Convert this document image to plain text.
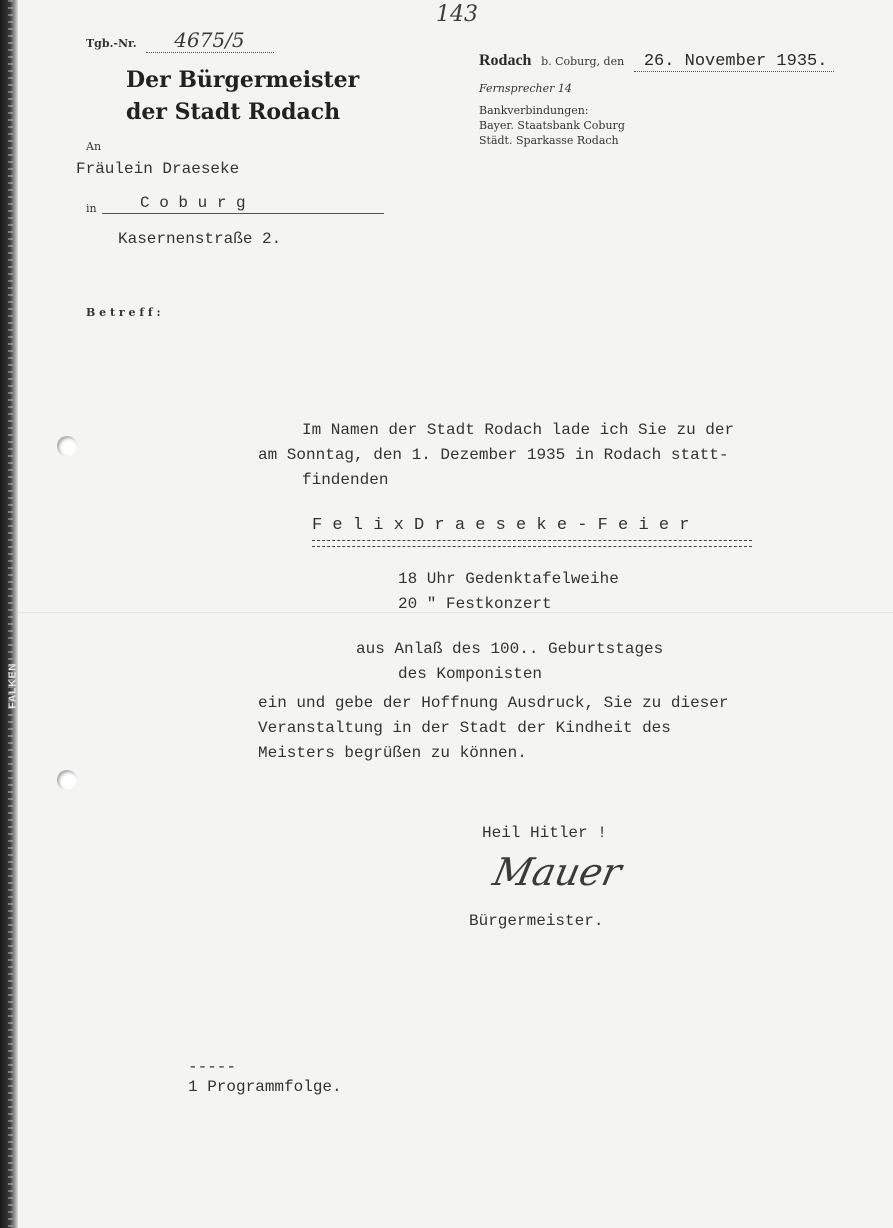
FALKEN
143
Tgb.-Nr. 4675/5
Der Bürgermeister
der Stadt Rodach
Rodach b. Coburg, den 26. November 1935.
Fernsprecher 14
Bankverbindungen:
Bayer. Staatsbank Coburg
Städt. Sparkasse Rodach
An
Fräulein Draeseke
in	C o b u r g
Kasernenstraße 2.
B e t r e f f :
Im Namen der Stadt Rodach lade ich Sie zu der
am Sonntag, den 1. Dezember 1935 in Rodach statt-
findenden
F e l i x D r a e s e k e - F e i e r
18 Uhr Gedenktafelweihe
20 " Festkonzert
aus Anlaß des 100.. Geburtstages
des Komponisten
ein und gebe der Hoffnung Ausdruck, Sie zu dieser
Veranstaltung in der Stadt der Kindheit des
Meisters begrüßen zu können.
Heil Hitler !
Mauer
Bürgermeister.
-----
1 Programmfolge.
